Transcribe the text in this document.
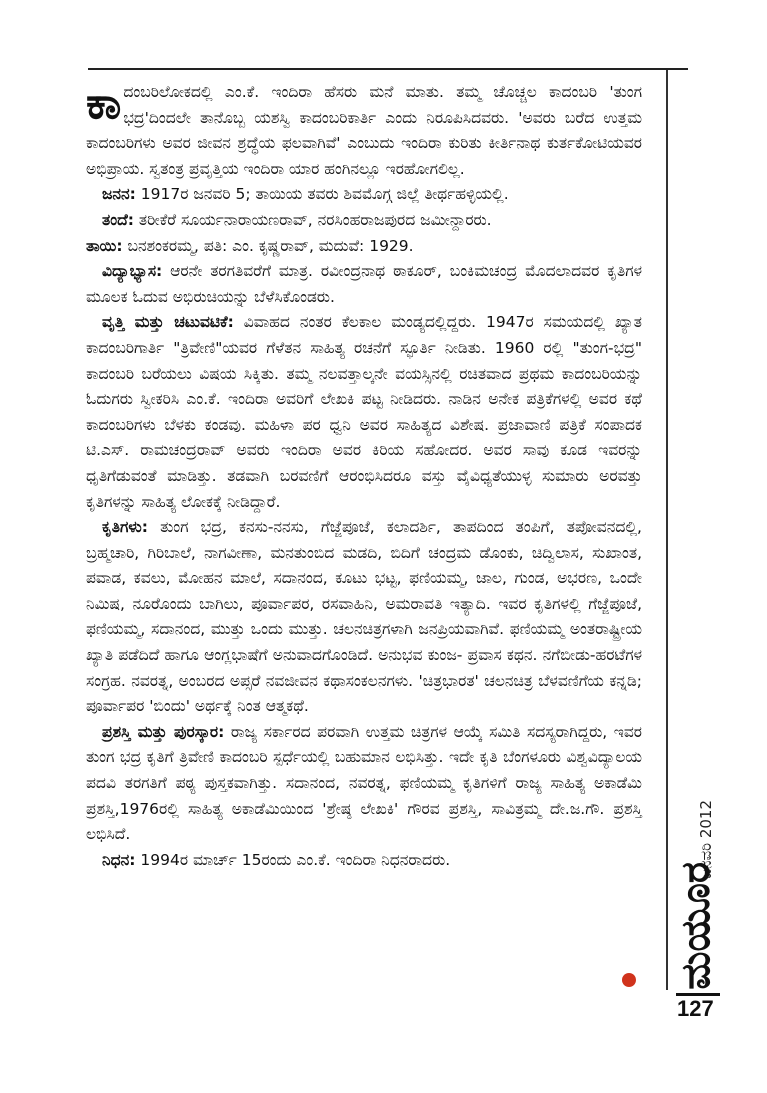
ಕಾದಂಬರಿಲೋಕದಲ್ಲಿ ಎಂ.ಕೆ. ಇಂದಿರಾ ಹೆಸರು ಮನೆ ಮಾತು. ತಮ್ಮ ಚೊಚ್ಚಲ ಕಾದಂಬರಿ 'ತುಂಗ ಭದ್ರ'ದಿಂದಲೇ ತಾನೊಬ್ಬ ಯಶಸ್ವಿ ಕಾದಂಬರಿಕಾರ್ತಿ ಎಂದು ನಿರೂಪಿಸಿದವರು. 'ಅವರು ಬರೆದ ಉತ್ತಮ ಕಾದಂಬರಿಗಳು ಅವರ ಜೀವನ ಶ್ರದ್ಧೆಯ ಫಲವಾಗಿವೆ' ಎಂಬುದು ಇಂದಿರಾ ಕುರಿತು ಕೀರ್ತಿನಾಥ ಕುರ್ತಕೋಟಿಯವರ ಅಭಿಪ್ರಾಯ. ಸ್ವತಂತ್ರ ಪ್ರವೃತ್ತಿಯ ಇಂದಿರಾ ಯಾರ ಹಂಗಿನಲ್ಲೂ ಇರಹೋಗಲಿಲ್ಲ.

ಜನನ: 1917ರ ಜನವರಿ 5; ತಾಯಿಯ ತವರು ಶಿವಮೊಗ್ಗ ಜಿಲ್ಲೆ ತೀರ್ಥಹಳ್ಳಿಯಲ್ಲಿ.

ತಂದೆ: ತರೀಕೆರೆ ಸೂರ್ಯನಾರಾಯಣರಾವ್, ನರಸಿಂಹರಾಜಪುರದ ಜಮೀನ್ದಾರರು.

ತಾಯಿ: ಬನಶಂಕರಮ್ಮ, ಪತಿ: ಎಂ. ಕೃಷ್ಣರಾವ್, ಮದುವೆ: 1929.

ವಿದ್ಯಾಭ್ಯಾಸ: ಆರನೇ ತರಗತಿವರೆಗೆ ಮಾತ್ರ. ರವೀಂದ್ರನಾಥ ಠಾಕೂರ್, ಬಂಕಿಮಚಂದ್ರ ಮೊದಲಾದವರ ಕೃತಿಗಳ ಮೂಲಕ ಓದುವ ಅಭಿರುಚಿಯನ್ನು ಬೆಳೆಸಿಕೊಂಡರು.

ವೃತ್ತಿ ಮತ್ತು ಚಟುವಟಿಕೆ: ವಿವಾಹದ ನಂತರ ಕೆಲಕಾಲ ಮಂಡ್ಯದಲ್ಲಿದ್ದರು. 1947ರ ಸಮಯದಲ್ಲಿ ಖ್ಯಾತ ಕಾದಂಬರಿಗಾರ್ತಿ "ತ್ರಿವೇಣಿ"ಯವರ ಗೆಳೆತನ ಸಾಹಿತ್ಯ ರಚನೆಗೆ ಸ್ಫೂರ್ತಿ ನೀಡಿತು. 1960 ರಲ್ಲಿ "ತುಂಗ-ಭದ್ರ" ಕಾದಂಬರಿ ಬರೆಯಲು ವಿಷಯ ಸಿಕ್ಕಿತು. ತಮ್ಮ ನಲವತ್ತಾಲ್ಕನೇ ವಯಸ್ಸಿನಲ್ಲಿ ರಚಿತವಾದ ಪ್ರಥಮ ಕಾದಂಬರಿಯನ್ನು ಓದುಗರು ಸ್ವೀಕರಿಸಿ ಎಂ.ಕೆ. ಇಂದಿರಾ ಅವರಿಗೆ ಲೇಖಕಿ ಪಟ್ಟ ನೀಡಿದರು. ನಾಡಿನ ಅನೇಕ ಪತ್ರಿಕೆಗಳಲ್ಲಿ ಅವರ ಕಥೆ ಕಾದಂಬರಿಗಳು ಬೆಳಕು ಕಂಡವು. ಮಹಿಳಾ ಪರ ಧ್ವನಿ ಅವರ ಸಾಹಿತ್ಯದ ವಿಶೇಷ. ಪ್ರಜಾವಾಣಿ ಪತ್ರಿಕೆ ಸಂಪಾದಕ ಟಿ.ಎಸ್. ರಾಮಚಂದ್ರರಾವ್ ಅವರು ಇಂದಿರಾ ಅವರ ಕಿರಿಯ ಸಹೋದರ. ಅವರ ಸಾವು ಕೂಡ ಇವರನ್ನು ಧೃತಿಗೆಡುವಂತೆ ಮಾಡಿತ್ತು. ತಡವಾಗಿ ಬರವಣಿಗೆ ಆರಂಭಿಸಿದರೂ ವಸ್ತು ವೈವಿಧ್ಯತೆಯುಳ್ಳ ಸುಮಾರು ಅರವತ್ತು ಕೃತಿಗಳನ್ನು ಸಾಹಿತ್ಯ ಲೋಕಕ್ಕೆ ನೀಡಿದ್ದಾರೆ.

ಕೃತಿಗಳು: ತುಂಗ ಭದ್ರ, ಕನಸು-ನನಸು, ಗೆಜ್ಜೆಪೂಜೆ, ಕಲಾದರ್ಶಿ, ತಾಪದಿಂದ ತಂಪಿಗೆ, ತಪೋವನದಲ್ಲಿ, ಬ್ರಹ್ಮಚಾರಿ, ಗಿರಿಬಾಲೆ, ನಾಗವೀಣಾ, ಮನತುಂಬಿದ ಮಡದಿ, ಬಿದಿಗೆ ಚಂದ್ರಮ ಡೊಂಕು, ಚಿದ್ವಿಲಾಸ, ಸುಖಾಂತ, ಪವಾಡ, ಕವಲು, ಮೋಹನ ಮಾಲೆ, ಸದಾನಂದ, ಕೂಟು ಭಟ್ಟ, ಫಣಿಯಮ್ಮ, ಜಾಲ, ಗುಂಡ, ಅಭರಣ, ಒಂದೇ ನಿಮಿಷ, ನೂರೊಂದು ಬಾಗಿಲು, ಪೂರ್ವಾಪರ, ರಸವಾಹಿನಿ, ಅಮರಾವತಿ ಇತ್ಯಾದಿ. ಇವರ ಕೃತಿಗಳಲ್ಲಿ ಗೆಜ್ಜೆಪೂಜೆ, ಫಣಿಯಮ್ಮ, ಸದಾನಂದ, ಮುತ್ತು ಒಂದು ಮುತ್ತು. ಚಲನಚಿತ್ರಗಳಾಗಿ ಜನಪ್ರಿಯವಾಗಿವೆ. ಫಣಿಯಮ್ಮ ಅಂತರಾಷ್ಟ್ರೀಯ ಖ್ಯಾತಿ ಪಡೆದಿದೆ ಹಾಗೂ ಆಂಗ್ಲಭಾಷೆಗೆ ಅನುವಾದಗೊಂಡಿದೆ. ಅನುಭವ ಕುಂಜ- ಪ್ರವಾಸ ಕಥನ. ನಗೆಬೀಡು-ಹರಟೆಗಳ ಸಂಗ್ರಹ. ನವರತ್ನ, ಅಂಬರದ ಅಪ್ಸರೆ ನವಜೀವನ ಕಥಾಸಂಕಲನಗಳು. 'ಚಿತ್ರಭಾರತ' ಚಲನಚಿತ್ರ ಬೆಳವಣಿಗೆಯ ಕನ್ನಡಿ; ಪೂರ್ವಾಪರ 'ಬಿಂದು' ಅರ್ಥಕ್ಕೆ ನಿಂತ ಆತ್ಮಕಥೆ.

ಪ್ರಶಸ್ತಿ ಮತ್ತು ಪುರಸ್ಕಾರ: ರಾಜ್ಯ ಸರ್ಕಾರದ ಪರವಾಗಿ ಉತ್ತಮ ಚಿತ್ರಗಳ ಆಯ್ಕೆ ಸಮಿತಿ ಸದಸ್ಯರಾಗಿದ್ದರು, ಇವರ ತುಂಗ ಭದ್ರ ಕೃತಿಗೆ ತ್ರಿವೇಣಿ ಕಾದಂಬರಿ ಸ್ಪರ್ಧೆಯಲ್ಲಿ ಬಹುಮಾನ ಲಭಿಸಿತ್ತು. ಇದೇ ಕೃತಿ ಬೆಂಗಳೂರು ವಿಶ್ವವಿದ್ಯಾಲಯ ಪದವಿ ತರಗತಿಗೆ ಪಠ್ಯ ಪುಸ್ತಕವಾಗಿತ್ತು. ಸದಾನಂದ, ನವರತ್ನ, ಫಣಿಯಮ್ಮ ಕೃತಿಗಳಿಗೆ ರಾಜ್ಯ ಸಾಹಿತ್ಯ ಅಕಾಡೆಮಿ ಪ್ರಶಸ್ತಿ,1976ರಲ್ಲಿ ಸಾಹಿತ್ಯ ಅಕಾಡೆಮಿಯಿಂದ 'ಶ್ರೇಷ್ಠ ಲೇಖಕಿ' ಗೌರವ ಪ್ರಶಸ್ತಿ, ಸಾವಿತ್ರಮ್ಮ ದೇ.ಜ.ಗೌ. ಪ್ರಶಸ್ತಿ ಲಭಿಸಿದೆ.

ನಿಧನ: 1994ರ ಮಾರ್ಚ್ 15ರಂದು ಎಂ.ಕೆ. ಇಂದಿರಾ ನಿಧನರಾದರು.	ಜನವರಿ 2012
ಮಯೂರ
127
